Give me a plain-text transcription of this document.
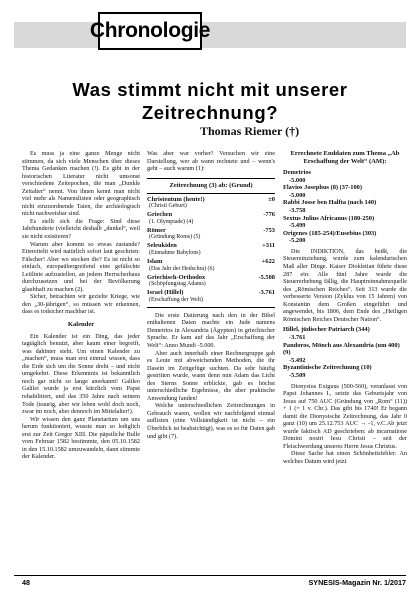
Chronologie
Was stimmt nicht mit unserer Zeitrechnung?
Thomas Riemer (†)

Es muss ja eine ganze Menge nicht stimmen, da sich viele Menschen über dieses Thema Gedanken machen (!). Es gibt in der historischen Literatur nicht umsonst verschiedene Zeitepochen, die man „Dunkle Zeitalter“ nennt. Von ihnen kennt man nicht viel mehr als Namenslisten oder geographisch nicht einzuordnende Taten, die archäologisch nicht nachweisbar sind.

Es stellt sich die Frage: Sind diese Jahrhunderte (vielleicht deshalb „dunkel“, weil sie nicht existieren?

Warum aber kommt so etwas zustande? Eitereitelit wird natürlich sofort laut geschrien: Fälscher! Aber wo stecken die? Es ist nicht so einfach, europaübergreifend eine gefälschte Leitlinie aufzustellen, an jedem Herrscherhaus durchzusetzen und bei der Bevölkerung glaubhaft zu machen (2).

Sicher, betrachten wir gezielte Kriege, wie den „30-jährigen“, so müssen wir erkennen, dass es todsicher machbar ist.

Kalender

Ein Kalender ist ein Ding, das jeder tagtäglich benutzt, aber kaum einer begreift, was dahinter steht. Um einen Kalender zu „machen“, muss man erst einmal wissen, dass die Erde sich um die Sonne dreht – und nicht umgekehrt. Diese Erkenntnis ist bekanntlich noch gar nicht so lange anerkannt! Galileo Galilei wurde ja erst kürzlich vom Papst rehabilitiert, und das 350 Jahre nach seinem Tode (traurig, aber wir leben wohl doch noch, zwar im noch, aber dennoch im Mittelalter!).

Wir wissen den ganz Planetarium um uns herum funktioniert, wusste man so lediglich erst zur Zeit Gregor XIII. Die päpstliche Bulle vom Februar 1582 bestimmte, den 05.10.1582 in den 15.10.1582 umzuwandeln, dann stimmte der Kalender.

Was aber war vorher? Versuchen wir eine Darstellung, wer ab wann rechnete und – wenn's geht – auch warum (1):

Zeitrechnung (3) ab: (Grund)
Christentum (heute!)	±0
(Christi Geburt)
Griechen	-776
(1. Olympiade) (4)
Römer	-753
(Gründung Roms) (5)
Seleukiden	+311
(Einnahme Babylons)
Islam	+622
(Das Jahr der Hedschra) (6)
Griechisch-Orthodox	-5.508
(Schöpfungstag Adams)
Israel (Hillel)	-3.761
(Erschaffung der Welt)

Die erste Datierung nach den in der Bibel enthaltenen Daten machte ein Jude namens Demetrios in Alexandria (Ägypten) in griechischer Sprache. Er kam auf das Jahr „Erschaffung der Welt“: Anno Mundi -5.000.

Aber auch innerhalb einer Rechnergruppe gab es Leute mit abweichenden Methoden, die ihr Dasein im Zeitgefüge suchten. Da sehr häufig gestritten wurde, wann denn nun Adam das Licht des Sterns Sonne erblickte, gab es höchst unterschiedliche Ergebnisse, die aber praktische Anwendung fanden!

Welche unterschiedlichen Zeitrechnungen in Gebrauch waren, wollen wir nachfolgend einmal auflisten (eine Vollständigkeit ist nicht – ein Überblick ist beabsichtigt), was es so für Daten gab und gibt (7).

Errechnete Enddaten zum Thema „Ab Erschaffung der Welt“ (AM):
Demetrios
-5.000
Flavios Josephus (8) (37-100)
-5.000
Rabbi Josse ben Halfta (nach 140)
-3.758
Sextus Julius Africanus (180-250)
-5.499
Origenes (185-254)/Eusebius (303)
-5.200

Die INDIKTION, das heißt, die Steuereinziehung, wurde zum kalendarischen Maß aller Dinge. Kaiser Diokletian führte diese 287 ein: Alle fünf Jahre wurde die Steuererhebung fällig, die Hauptreinnahmequelle des „Römischen Reiches“. Seit 313 wurde die verbesserte Version (Zyklus von 15 Jahren) von Konstantin dem Großen eingeführt und angewendet, bis 1806, dem Ende des „Heiligen Römischen Reiches Deutscher Nation“.

Hillel, jüdischer Patriarch (344)
-3.761
Pandoros, Mönch aus Alexandria (um 400) (9)
-5.492
Byzantinische Zeitrechnung (10)
-5.509

Dionysius Exiguus (500-560), veranlasst von Papst Johannes I., setzte das Geburtsjahr von Jesus auf 750 AUC (Gründung von „Rom“ (11)) + 1 (= 1 v. Chr.). Das gibt bis 1740! Er begann damit die Dionysische Zeitrechnung, das Jahr 0 ganz (10) um 25.12.753 AUC → -1, v.C.Ab jetzt wurde faktisch AD geschrieben: ab incarnatione Domini nostri Iesu Christi – seit der Fleischwerdung unseres Herrn Jesus Christus.

Diese Sache hat einen Schönheitsfehler: An welches Datum wird jetzt

48	SYNESIS-Magazin Nr. 1/2017
